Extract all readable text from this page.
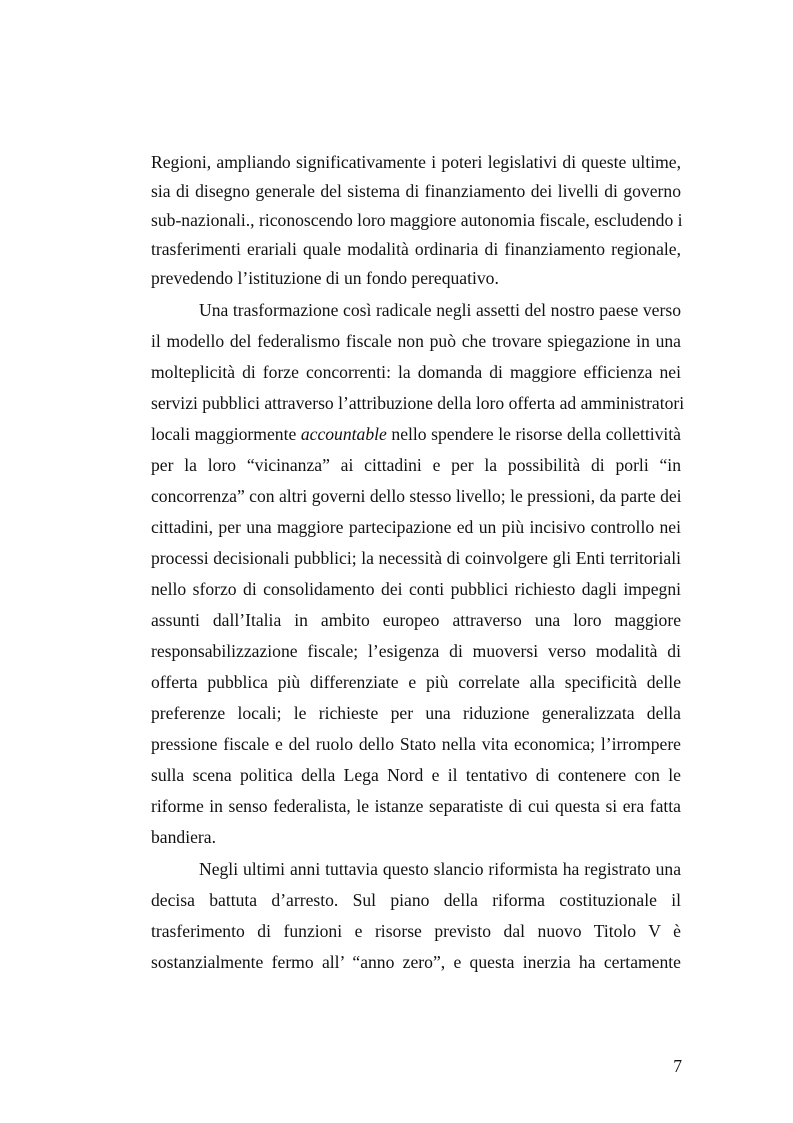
Regioni, ampliando significativamente i poteri legislativi di queste ultime,
sia di disegno generale del sistema di finanziamento dei livelli di governo
sub-nazionali., riconoscendo loro maggiore autonomia fiscale, escludendo i
trasferimenti erariali quale modalità ordinaria di finanziamento regionale,
prevedendo l’istituzione di un fondo perequativo.
Una trasformazione così radicale negli assetti del nostro paese verso
il modello del federalismo fiscale non può che trovare spiegazione in una
molteplicità di forze concorrenti: la domanda di maggiore efficienza nei
servizi pubblici attraverso l’attribuzione della loro offerta ad amministratori
locali maggiormente accountable nello spendere le risorse della collettività
per la loro “vicinanza” ai cittadini e per la possibilità di porli “in
concorrenza” con altri governi dello stesso livello; le pressioni, da parte dei
cittadini, per una maggiore partecipazione ed un più incisivo controllo nei
processi decisionali pubblici; la necessità di coinvolgere gli Enti territoriali
nello sforzo di consolidamento dei conti pubblici richiesto dagli impegni
assunti dall’Italia in ambito europeo attraverso una loro maggiore
responsabilizzazione fiscale; l’esigenza di muoversi verso modalità di
offerta pubblica più differenziate e più correlate alla specificità delle
preferenze locali; le richieste per una riduzione generalizzata della
pressione fiscale e del ruolo dello Stato nella vita economica; l’irrompere
sulla scena politica della Lega Nord e il tentativo di contenere con le
riforme in senso federalista, le istanze separatiste di cui questa si era fatta
bandiera.
Negli ultimi anni tuttavia questo slancio riformista ha registrato una
decisa battuta d’arresto. Sul piano della riforma costituzionale il
trasferimento di funzioni e risorse previsto dal nuovo Titolo V è
sostanzialmente fermo all’ “anno zero”, e questa inerzia ha certamente
7
